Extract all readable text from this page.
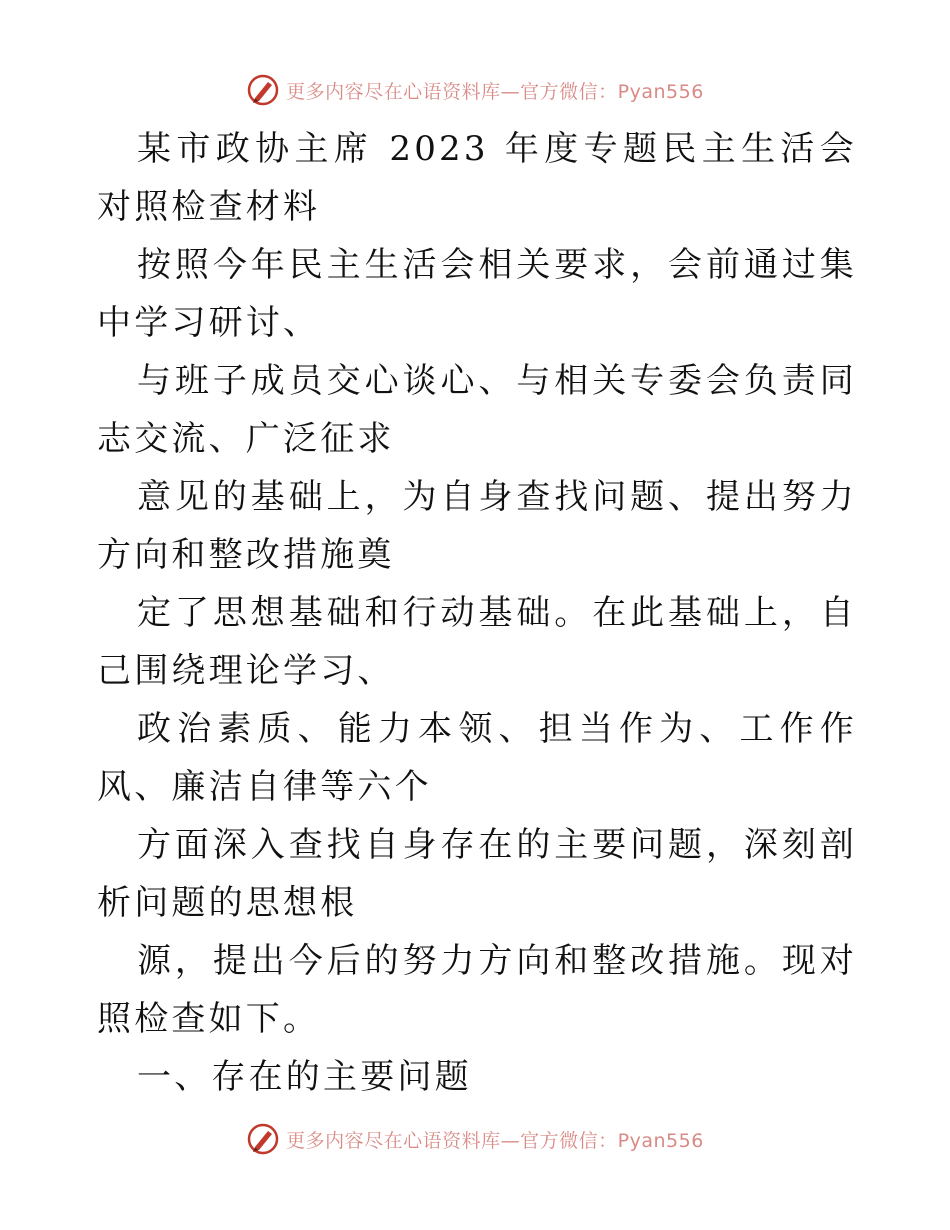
更多内容尽在心语资料库—官方微信：Pyan556

某市政协主席 2023 年度专题民主生活会对照检查材料

按照今年民主生活会相关要求，会前通过集中学习研讨、

与班子成员交心谈心、与相关专委会负责同志交流、广泛征求

意见的基础上，为自身查找问题、提出努力方向和整改措施奠

定了思想基础和行动基础。在此基础上，自己围绕理论学习、

政治素质、能力本领、担当作为、工作作风、廉洁自律等六个

方面深入查找自身存在的主要问题，深刻剖析问题的思想根

源，提出今后的努力方向和整改措施。现对照检查如下。

一、存在的主要问题

更多内容尽在心语资料库—官方微信：Pyan556
